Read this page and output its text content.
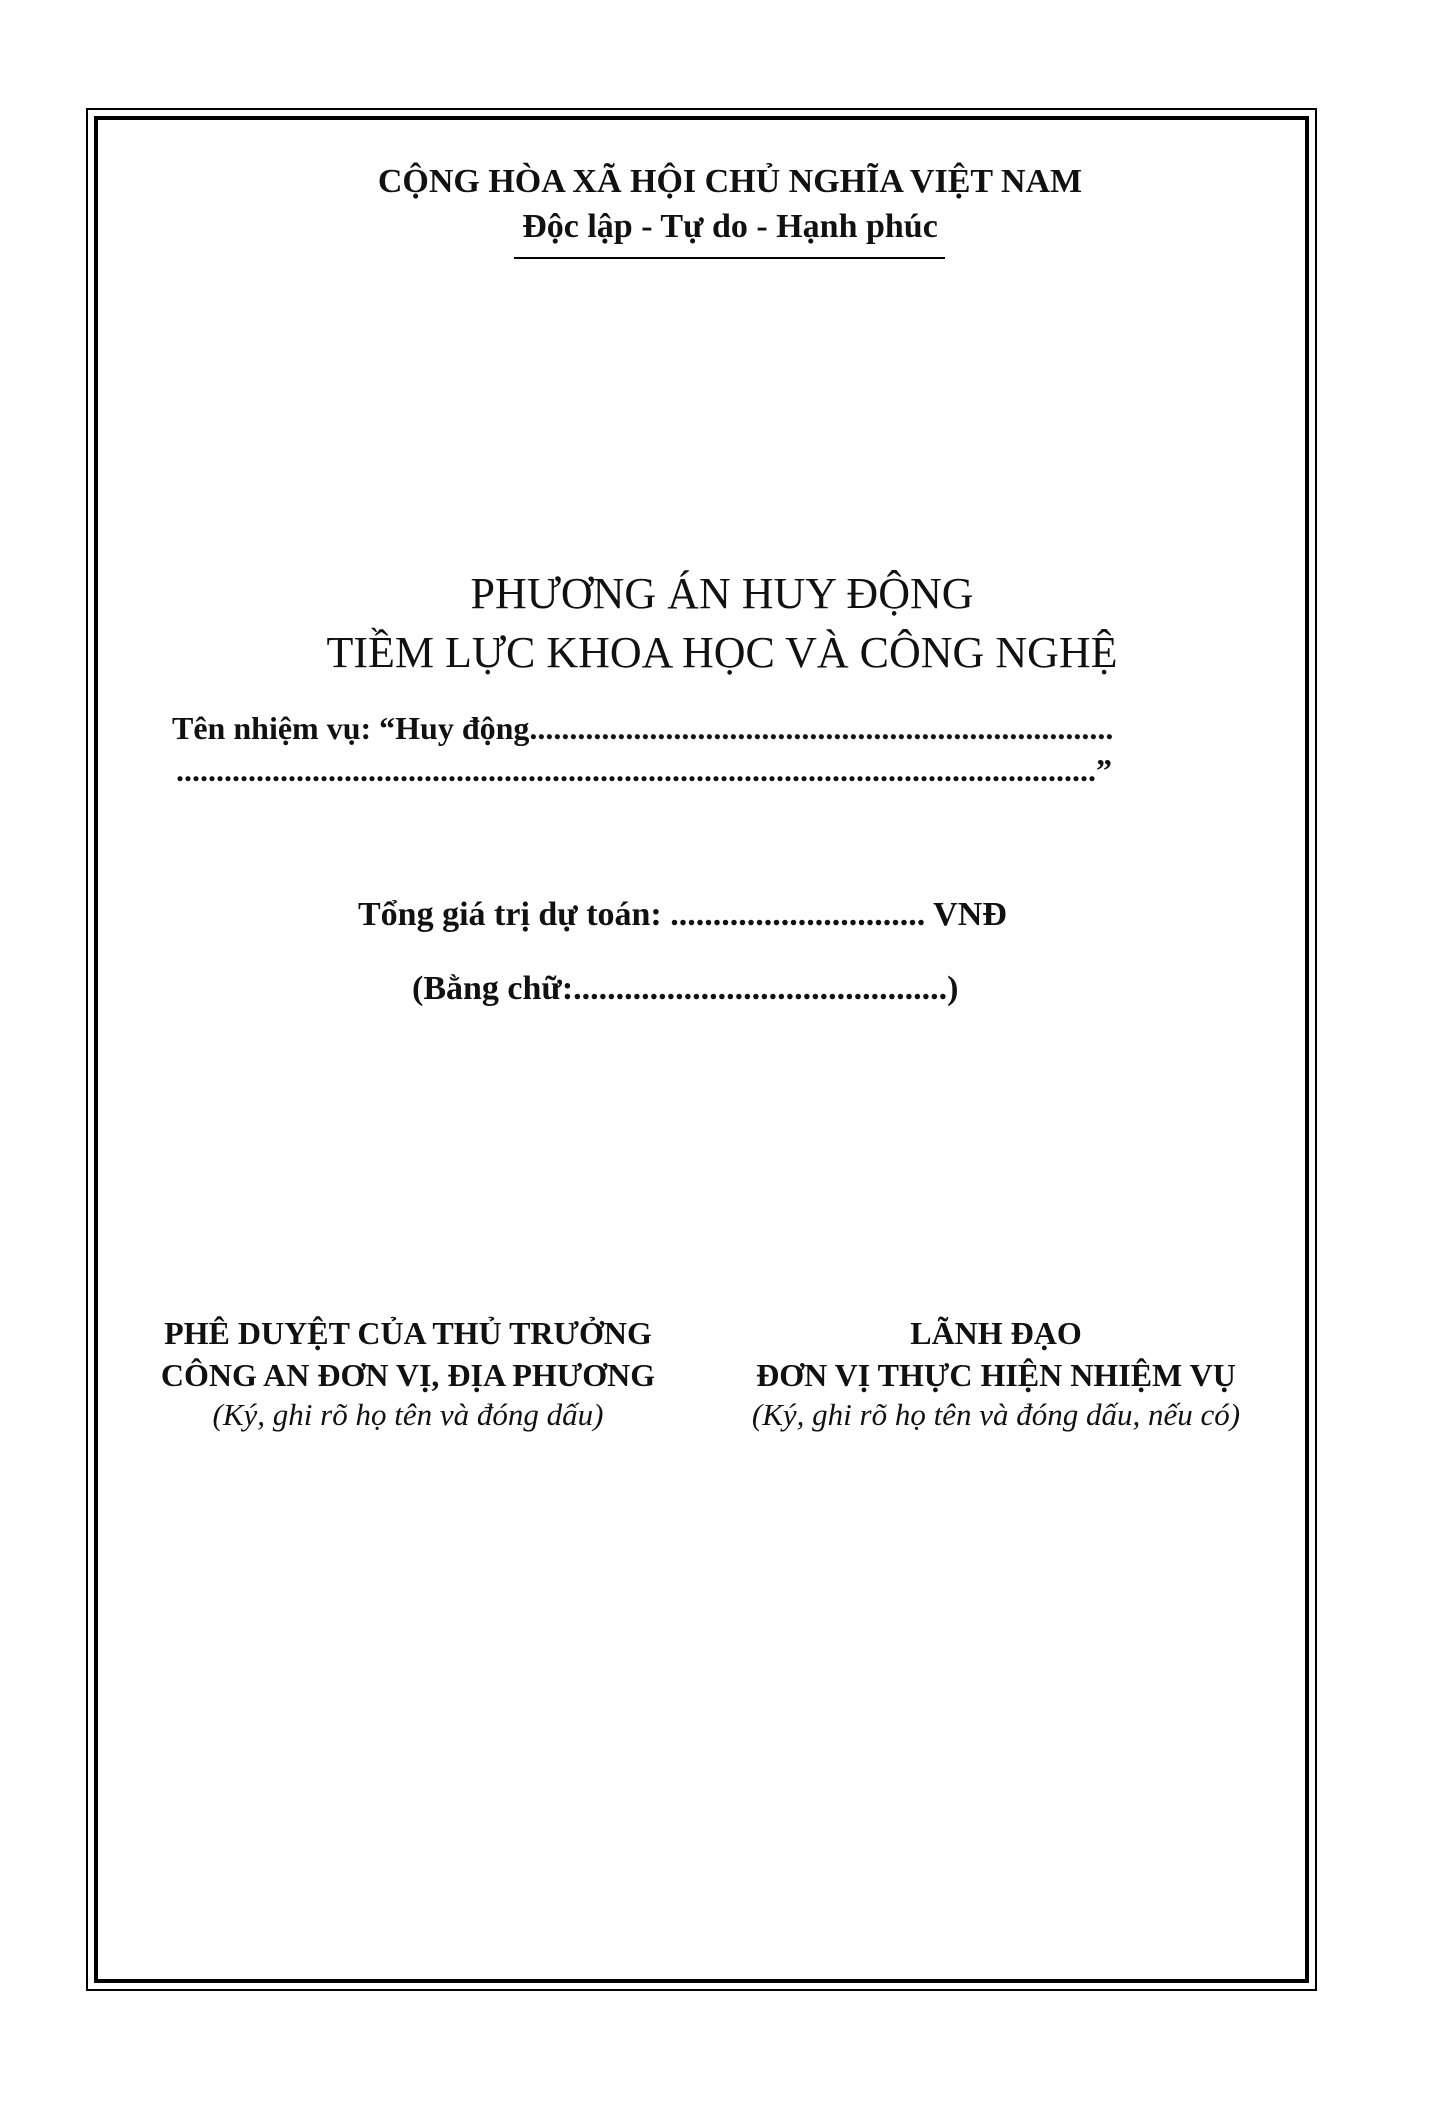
CỘNG HÒA XÃ HỘI CHỦ NGHĨA VIỆT NAM
Độc lập - Tự do - Hạnh phúc
PHƯƠNG ÁN HUY ĐỘNG
TIỀM LỰC KHOA HỌC VÀ CÔNG NGHỆ
Tên nhiệm vụ: “Huy động.........................................................................
...................................................................................................................”
Tổng giá trị dự toán: .............................. VNĐ
(Bằng chữ:............................................)
PHÊ DUYỆT CỦA THỦ TRƯỞNG
CÔNG AN ĐƠN VỊ, ĐỊA PHƯƠNG
(Ký, ghi rõ họ tên và đóng dấu)
LÃNH ĐẠO
ĐƠN VỊ THỰC HIỆN NHIỆM VỤ
(Ký, ghi rõ họ tên và đóng dấu, nếu có)
